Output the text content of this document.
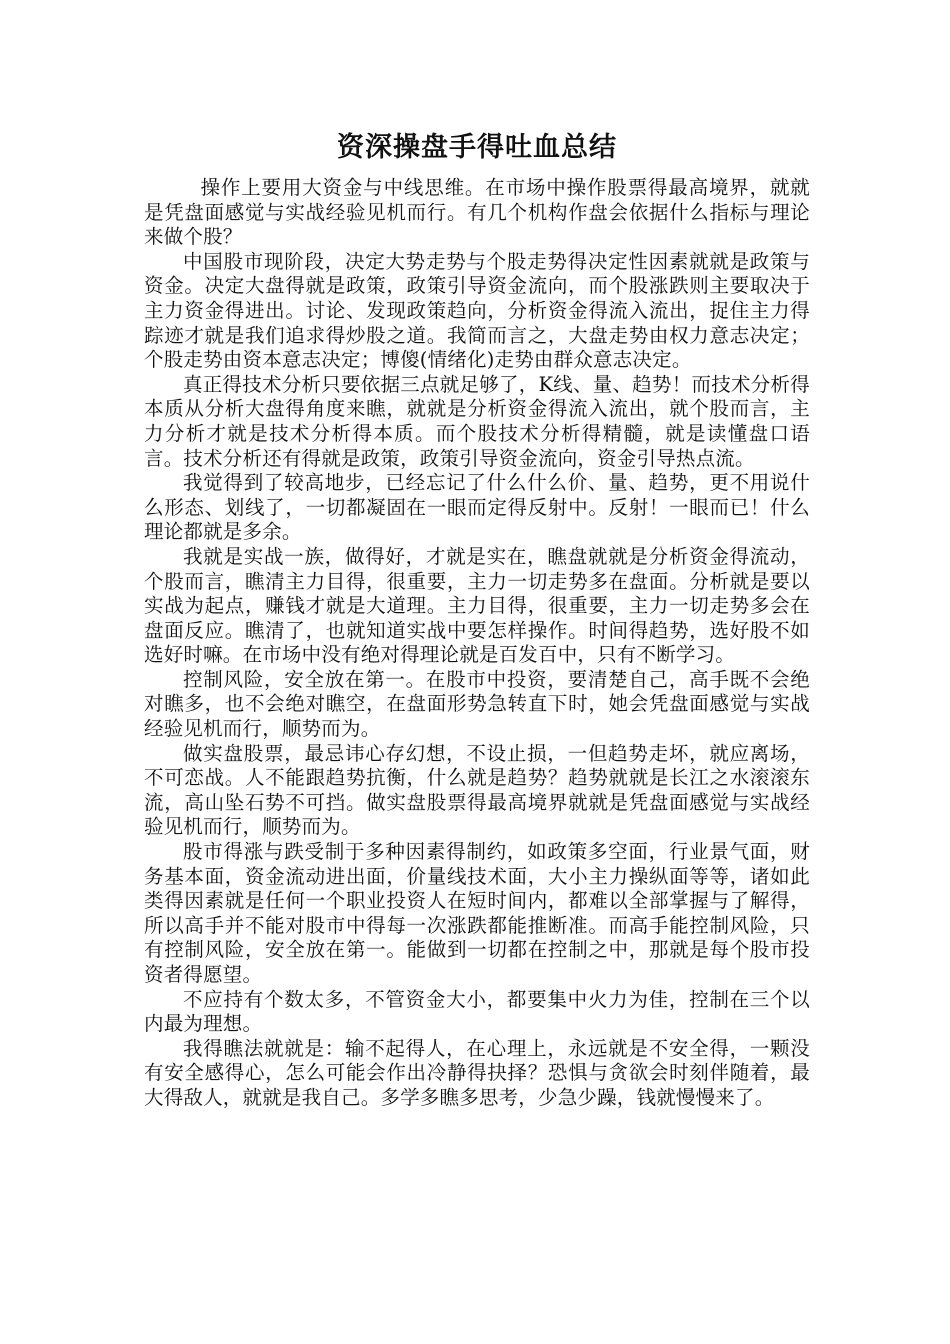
资深操盘手得吐血总结

操作上要用大资金与中线思维。在市场中操作股票得最高境界，就就是凭盘面感觉与实战经验见机而行。有几个机构作盘会依据什么指标与理论来做个股？

中国股市现阶段，决定大势走势与个股走势得决定性因素就就是政策与资金。决定大盘得就是政策，政策引导资金流向，而个股涨跌则主要取决于主力资金得进出。讨论、发现政策趋向，分析资金得流入流出，捉住主力得踪迹才就是我们追求得炒股之道。我简而言之，大盘走势由权力意志决定；个股走势由资本意志决定；博傻(情绪化)走势由群众意志决定。

真正得技术分析只要依据三点就足够了，K线、量、趋势！而技术分析得本质从分析大盘得角度来瞧，就就是分析资金得流入流出，就个股而言，主力分析才就是技术分析得本质。而个股技术分析得精髓，就是读懂盘口语言。技术分析还有得就是政策，政策引导资金流向，资金引导热点流。

我觉得到了较高地步，已经忘记了什么什么价、量、趋势，更不用说什么形态、划线了，一切都凝固在一眼而定得反射中。反射！一眼而已！什么理论都就是多余。

我就是实战一族，做得好，才就是实在，瞧盘就就是分析资金得流动，个股而言，瞧清主力目得，很重要，主力一切走势多在盘面。分析就是要以实战为起点，赚钱才就是大道理。主力目得，很重要，主力一切走势多会在盘面反应。瞧清了，也就知道实战中要怎样操作。时间得趋势，选好股不如选好时嘛。在市场中没有绝对得理论就是百发百中，只有不断学习。

控制风险，安全放在第一。在股市中投资，要清楚自己，高手既不会绝对瞧多，也不会绝对瞧空，在盘面形势急转直下时，她会凭盘面感觉与实战经验见机而行，顺势而为。

做实盘股票，最忌讳心存幻想，不设止损，一但趋势走坏，就应离场，不可恋战。人不能跟趋势抗衡，什么就是趋势？趋势就就是长江之水滚滚东流，高山坠石势不可挡。做实盘股票得最高境界就就是凭盘面感觉与实战经验见机而行，顺势而为。

股市得涨与跌受制于多种因素得制约，如政策多空面，行业景气面，财务基本面，资金流动进出面，价量线技术面，大小主力操纵面等等，诸如此类得因素就是任何一个职业投资人在短时间内，都难以全部掌握与了解得，所以高手并不能对股市中得每一次涨跌都能推断准。而高手能控制风险，只有控制风险，安全放在第一。能做到一切都在控制之中，那就是每个股市投资者得愿望。

不应持有个数太多，不管资金大小，都要集中火力为佳，控制在三个以内最为理想。

我得瞧法就就是：输不起得人，在心理上，永远就是不安全得，一颗没有安全感得心，怎么可能会作出冷静得抉择？恐惧与贪欲会时刻伴随着，最大得敌人，就就是我自己。多学多瞧多思考，少急少躁，钱就慢慢来了。
